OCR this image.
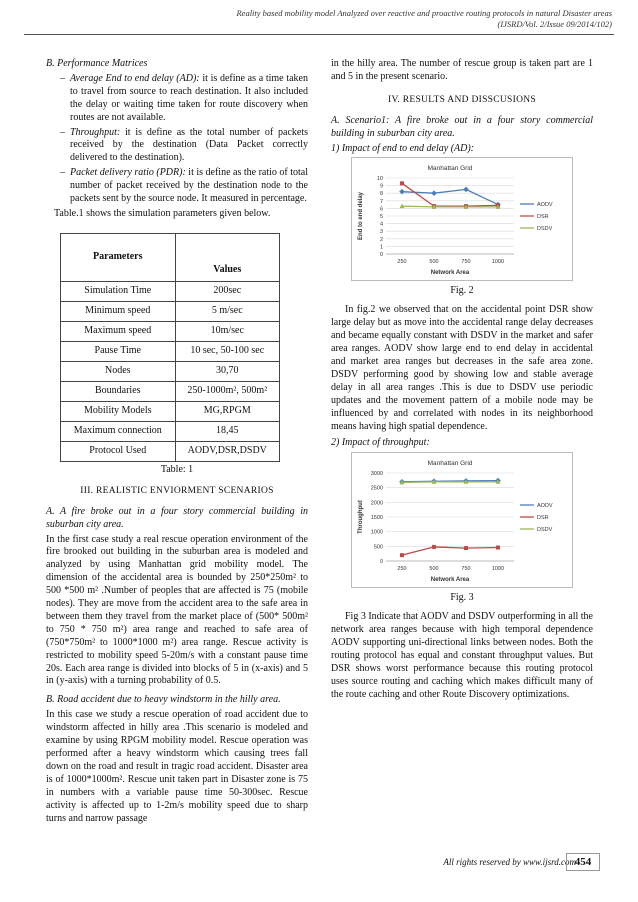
Reality based mobility model Analyzed over reactive and proactive routing protocols in natural Disaster areas
(IJSRD/Vol. 2/Issue 09/2014/102)
B. Performance Matrices
– Average End to end delay (AD): it is define as a time taken to travel from source to reach destination. It also included the delay or waiting time taken for route discovery when routes are not available.
– Throughput: it is define as the total number of packets received by the destination (Data Packet correctly delivered to the destination).
– Packet delivery ratio (PDR): it is define as the ratio of total number of packet received by the destination node to the packets sent by the source node. It measured in percentage.

Table.1 shows the simulation parameters given below.

Parameters	Values
Simulation Time	200sec
Minimum speed	5 m/sec
Maximum speed	10m/sec
Pause Time	10 sec, 50-100 sec
Nodes	30,70
Boundaries	250-1000m², 500m²
Mobility Models	MG,RPGM
Maximum connection	18,45
Protocol Used	AODV,DSR,DSDV
Table: 1
III. REALISTIC ENVIORMENT SCENARIOS
A. A fire broke out in a four story commercial building in suburban city area.

In the first case study a real rescue operation environment of the fire brooked out building in the suburban area is modeled and analyzed by using Manhattan grid mobility model. The dimension of the accidental area is bounded by 250*250m² to 500 *500 m² .Number of peoples that are affected is 75 (mobile nodes). They are move from the accident area to the safe area in between them they travel from the market place of (500* 500m² to 750 * 750 m²) area range and reached to safe area of (750*750m² to 1000*1000 m²) area range. Rescue activity is restricted to mobility speed 5-20m/s with a constant pause time 20s. Each area range is divided into blocks of 5 in (x-axis) and 5 in (y-axis) with a turning probability of 0.5.

B. Road accident due to heavy windstorm in the hilly area.

In this case we study a rescue operation of road accident due to windstorm affected in hilly area .This scenario is modeled and examine by using RPGM mobility model. Rescue operation was performed after a heavy windstorm which causing trees fall down on the road and result in tragic road accident. Disaster area is of 1000*1000m². Rescue unit taken part in Disaster zone is 75 in numbers with a variable pause time 50-300sec. Rescue activity is affected up to 1-2m/s mobility speed due to sharp turns and narrow passage

in the hilly area. The number of rescue group is taken part are 1 and 5 in the present scenario.

IV. RESULTS AND DISSCUSIONS
A. Scenario1: A fire broke out in a four story commercial building in suburban city area.
1) Impact of end to end delay (AD):
Manhattan Grid
0
1
2
3
4
5
6
7
8
9
10
250	500	750	1000
Network Area
End to end delay	AODV
DSR
DSDV
Fig. 2

In fig.2 we observed that on the accidental point DSR show large delay but as move into the accidental range delay decreases and became equally constant with DSDV in the market and safer area ranges. AODV show large end to end delay in accidental and market area ranges but decreases in the safe area zone. DSDV performing good by showing low and stable average delay in all area ranges .This is due to DSDV use periodic updates and the movement pattern of a mobile node may be influenced by and correlated with nodes in its neighborhood means having high spatial dependence.

2) Impact of throughput:
Manhattan Grid
0
500
1000
1500
2000
2500
3000
250	500	750	1000
Network Area
Throughput	AODV
DSR
DSDV
Fig. 3

Fig 3 Indicate that AODV and DSDV outperforming in all the network area ranges because with high temporal dependence AODV supporting uni-directional links between nodes. Both the routing protocol has equal and constant throughput values. But DSR shows worst performance because this routing protocol uses source routing and caching which makes difficult many of the route caching and other Route Discovery optimizations.

All rights reserved by www.ijsrd.com
454
